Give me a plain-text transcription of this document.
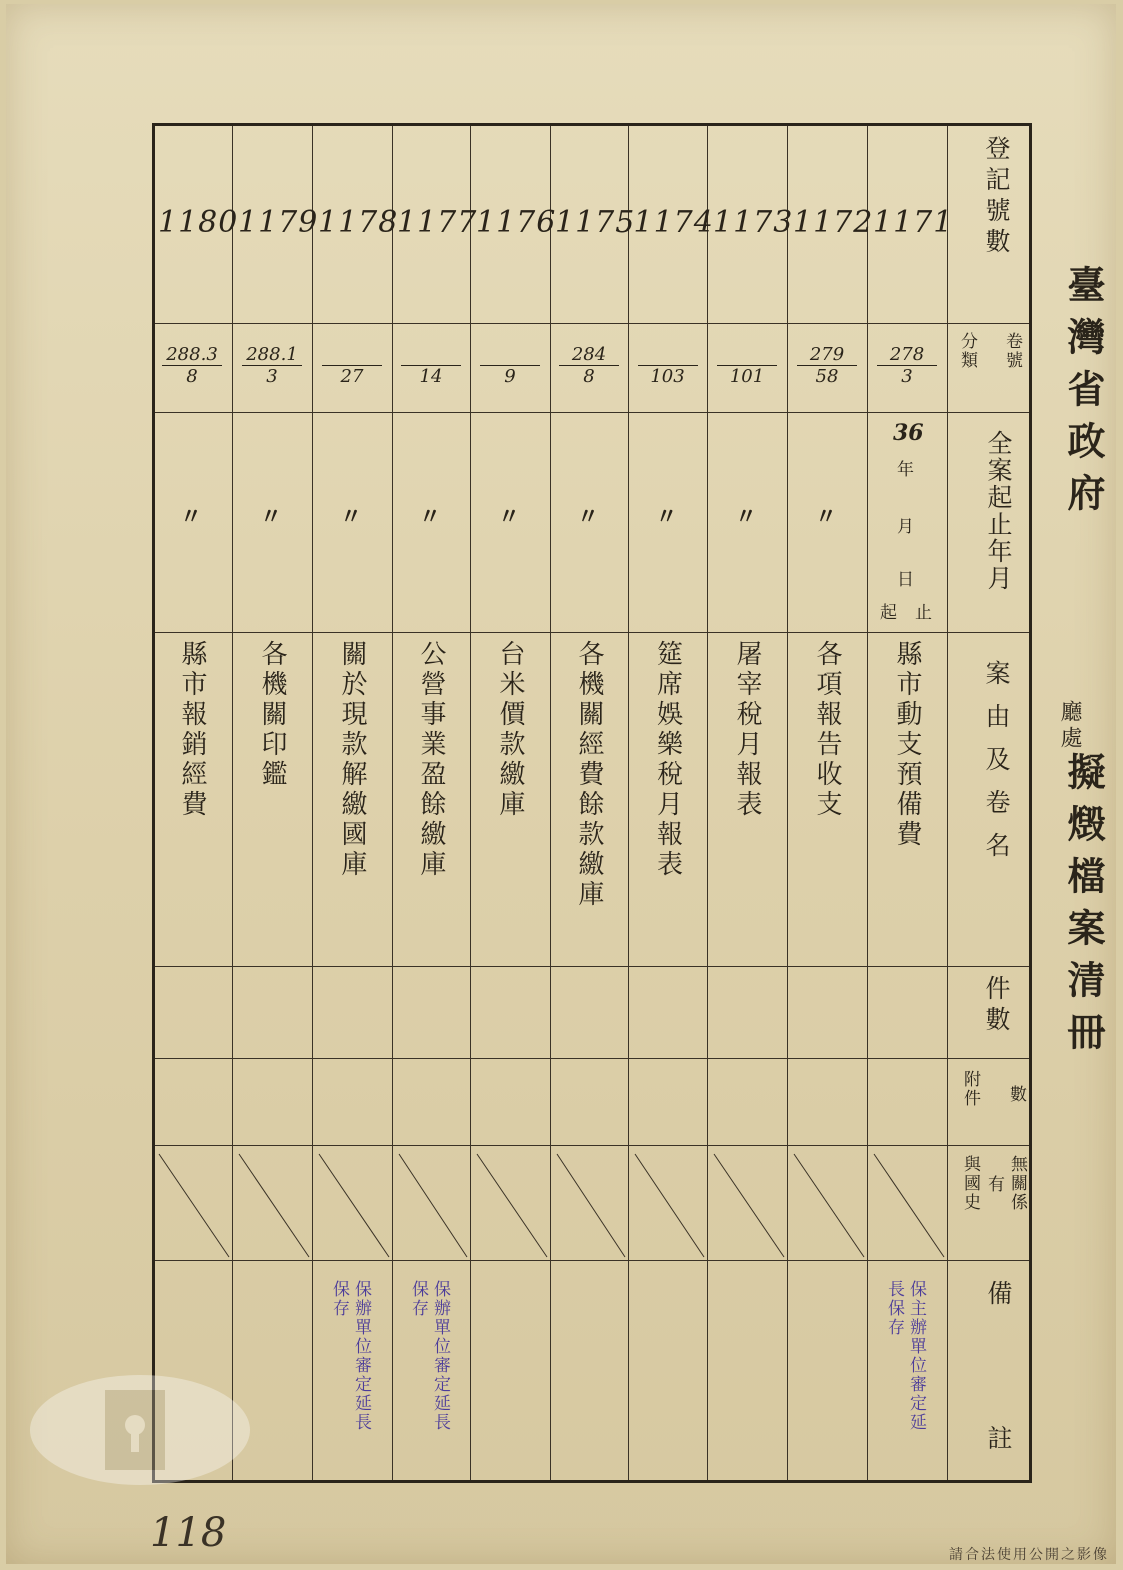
臺灣省政府
擬燬檔案清冊
廳處
登記號數
卷號
分類
全案起止年月
案由及卷名
件數
數
附件
無關係
有
與國史
備
註
年
月
日
起止
1171
$\frac{278}{3}$
36
縣市動支預備費
保主辦單位審定延長保存
1172
$\frac{279}{58}$
〃
各項報告收支
1173
101
〃
屠宰稅月報表
1174
103
〃
筵席娛樂稅月報表
1175
$\frac{284}{8}$
〃
各機關經費餘款繳庫
1176
9
〃
台米價款繳庫
1177
14
〃
公營事業盈餘繳庫
保辦單位審定延長保存
1178
27
〃
關於現款解繳國庫
保辦單位審定延長保存
1179
$\frac{288.1}{3}$
〃
各機關印鑑
1180
$\frac{288.3}{8}$
〃
縣市報銷經費
118	請合法使用公開之影像
